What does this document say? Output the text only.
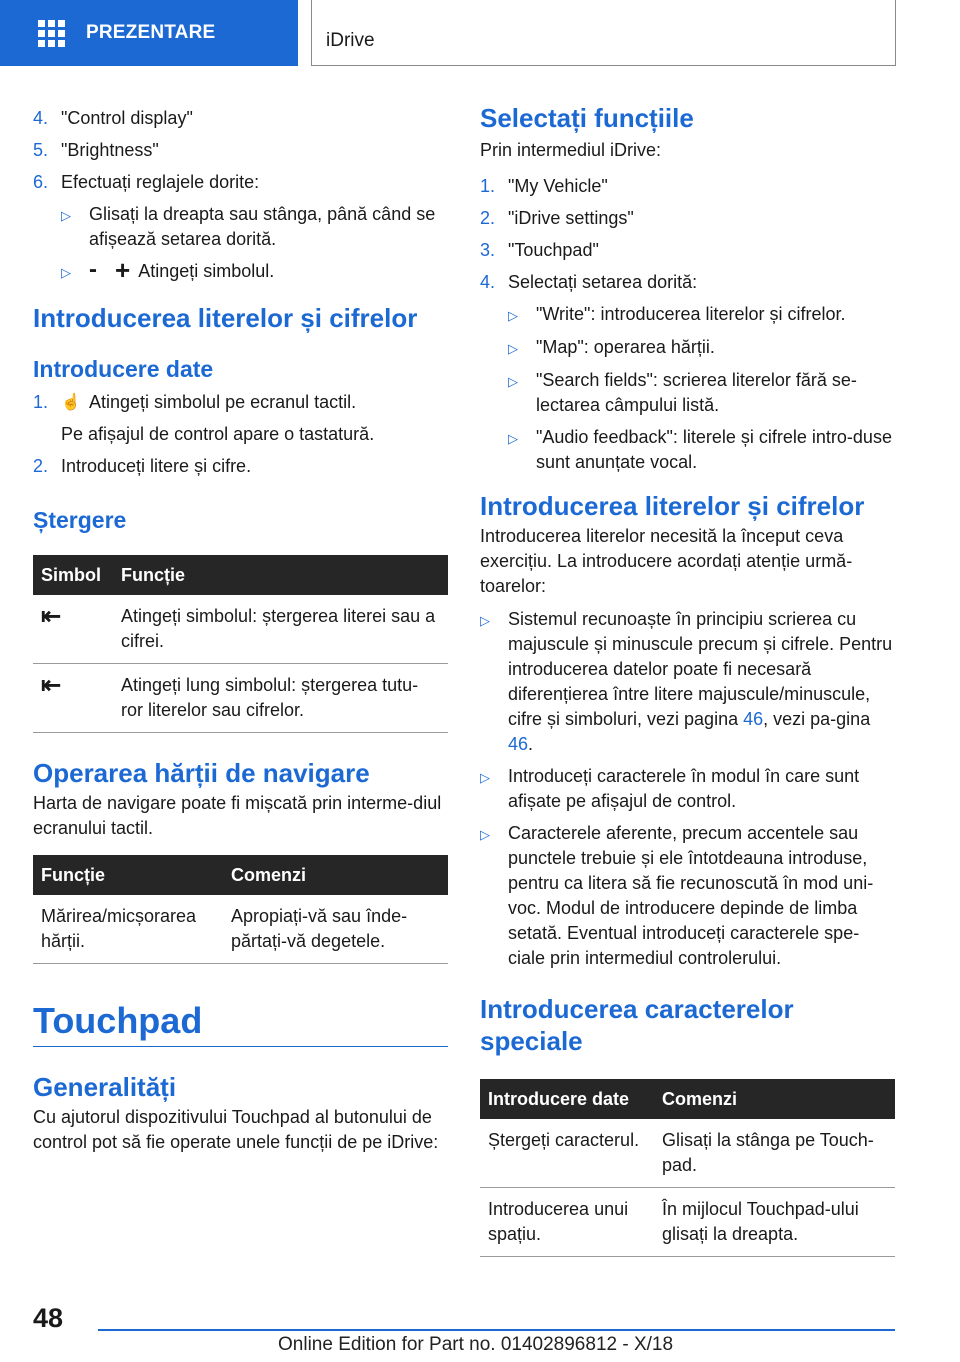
PREZENTARE	iDrive
4. "Control display"
5. "Brightness"
6. Efectuați reglajele dorite:
▷	Glisați la dreapta sau stânga, până când se afișează setarea dorită.
▷ - + Atingeți simbolul.
Introducerea literelor și cifrelor
Introducere date
1. ☝ Atingeți simbolul pe ecranul tactil.

Pe afișajul de control apare o tastatură.

2. Introduceți litere și cifre.
Ștergere
Simbol	Funcție
⇤	Atingeți simbolul: ștergerea literei sau a cifrei.
⇤	Atingeți lung simbolul: ștergerea tutu-ror literelor sau cifrelor.
Operarea hărții de navigare

Harta de navigare poate fi mișcată prin interme-diul ecranului tactil.

Funcție	Comenzi
Mărirea/micșorarea hărții.	Apropiați-vă sau înde-părtați-vă degetele.
Touchpad
Generalități

Cu ajutorul dispozitivului Touchpad al butonului de control pot să fie operate unele funcții de pe iDrive:

Selectați funcțiile

Prin intermediul iDrive:

1. "My Vehicle"
2. "iDrive settings"
3. "Touchpad"
4. Selectați setarea dorită:
▷	"Write": introducerea literelor și cifrelor.
▷	"Map": operarea hărții.
▷	"Search fields": scrierea literelor fără se-lectarea câmpului listă.
▷	"Audio feedback": literele și cifrele intro-duse sunt anunțate vocal.
Introducerea literelor și cifrelor

Introducerea literelor necesită la început ceva exercițiu. La introducere acordați atenție urmă-toarelor:

▷	Sistemul recunoaște în principiu scrierea cu majuscule și minuscule precum și cifrele. Pentru introducerea datelor poate fi necesară diferențierea între litere majuscule/minuscule, cifre și simboluri, vezi pagina 46, vezi pa-gina 46.
▷	Introduceți caracterele în modul în care sunt afișate pe afișajul de control.
▷	Caracterele aferente, precum accentele sau punctele trebuie și ele întotdeauna introduse, pentru ca litera să fie recunoscută în mod uni-voc. Modul de introducere depinde de limba setată. Eventual introduceți caracterele spe-ciale prin intermediul controlerului.
Introducerea caracterelor speciale
Introducere date	Comenzi
Ștergeți caracterul.	Glisați la stânga pe Touch-pad.
Introducerea unui spațiu.	În mijlocul Touchpad-ului glisați la dreapta.
48
Online Edition for Part no. 01402896812 - X/18
